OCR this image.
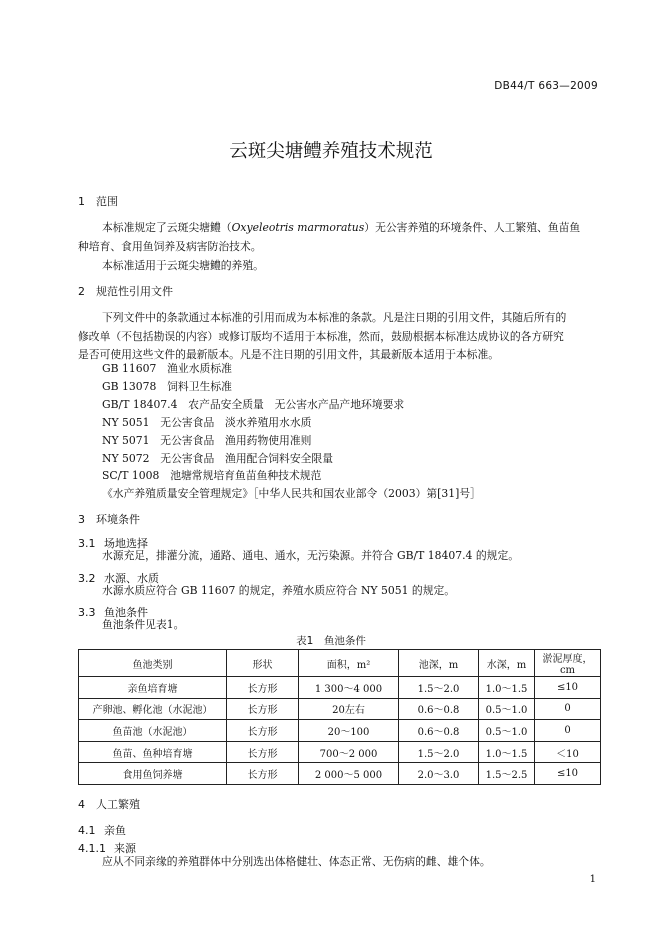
DB44/T 663—2009
云斑尖塘鳢养殖技术规范
1 范围
本标准规定了云斑尖塘鳢（Oxyeleotris marmoratus）无公害养殖的环境条件、人工繁殖、鱼苗鱼
种培育、食用鱼饲养及病害防治技术。
本标准适用于云斑尖塘鳢的养殖。
2 规范性引用文件
下列文件中的条款通过本标准的引用而成为本标准的条款。凡是注日期的引用文件，其随后所有的
修改单（不包括勘误的内容）或修订版均不适用于本标准，然而，鼓励根据本标准达成协议的各方研究
是否可使用这些文件的最新版本。凡是不注日期的引用文件，其最新版本适用于本标准。
GB 11607　渔业水质标准
GB 13078　饲料卫生标准
GB/T 18407.4　农产品安全质量　无公害水产品产地环境要求
NY 5051　无公害食品　淡水养殖用水水质
NY 5071　无公害食品　渔用药物使用准则
NY 5072　无公害食品　渔用配合饲料安全限量
SC/T 1008　池塘常规培育鱼苗鱼种技术规范
《水产养殖质量安全管理规定》［中华人民共和国农业部令（2003）第[31]号］
3 环境条件
3.1 场地选择
水源充足，排灌分流，通路、通电、通水，无污染源。并符合 GB/T 18407.4 的规定。
3.2 水源、水质
水源水质应符合 GB 11607 的规定，养殖水质应符合 NY 5051 的规定。
3.3 鱼池条件
鱼池条件见表1。
表1　鱼池条件
鱼池类别	形状	面积，m²	池深，m	水深，m	淤泥厚度，cm
亲鱼培育塘	长方形	1 300～4 000	1.5～2.0	1.0～1.5	≤10
产卵池、孵化池（水泥池）	长方形	20左右	0.6～0.8	0.5～1.0	0
鱼苗池（水泥池）	长方形	20～100	0.6～0.8	0.5～1.0	0
鱼苗、鱼种培育塘	长方形	700～2 000	1.5～2.0	1.0～1.5	＜10
食用鱼饲养塘	长方形	2 000～5 000	2.0～3.0	1.5～2.5	≤10
4 人工繁殖
4.1 亲鱼
4.1.1 来源
应从不同亲缘的养殖群体中分别选出体格健壮、体态正常、无伤病的雌、雄个体。
1
